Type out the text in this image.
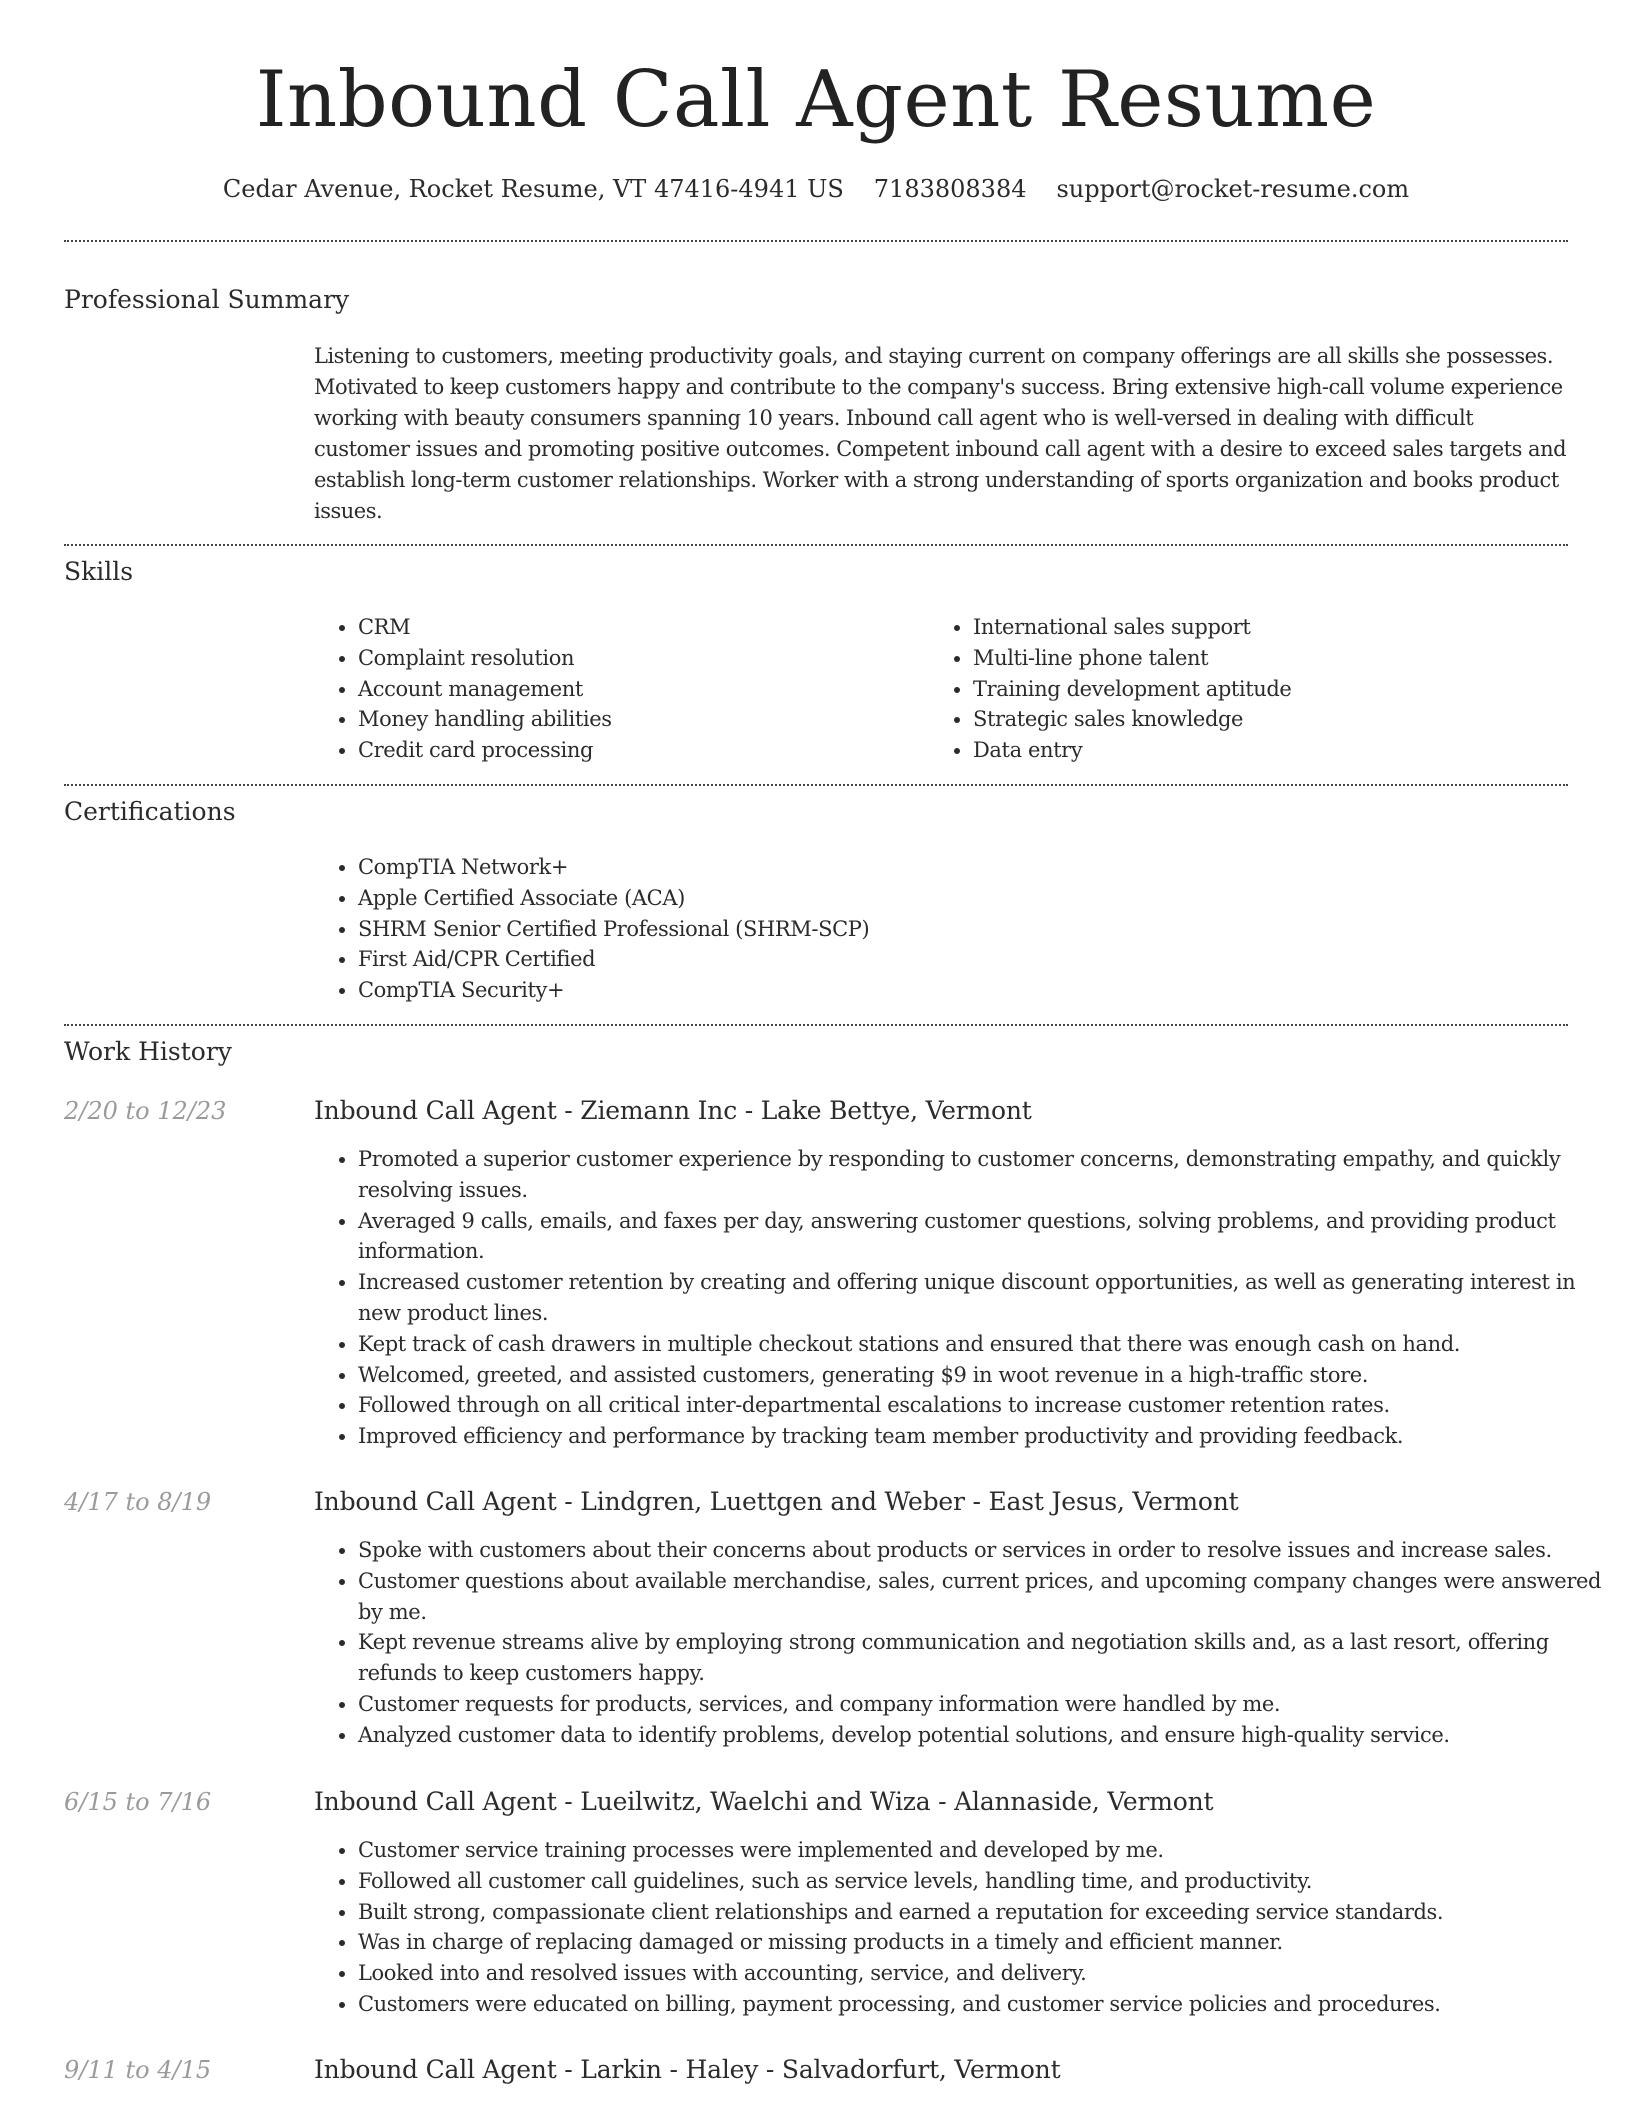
Inbound Call Agent Resume
Cedar Avenue, Rocket Resume, VT 47416-4941 US 7183808384 support@rocket-resume.com
Professional Summary

Listening to customers, meeting productivity goals, and staying current on company offerings are all skills she possesses. Motivated to keep customers happy and contribute to the company's success. Bring extensive high-call volume experience working with beauty consumers spanning 10 years. Inbound call agent who is well-versed in dealing with difficult customer issues and promoting positive outcomes. Competent inbound call agent with a desire to exceed sales targets and establish long-term customer relationships. Worker with a strong understanding of sports organization and books product issues.

Skills
• CRM
• Complaint resolution
• Account management
• Money handling abilities
• Credit card processing
• International sales support
• Multi-line phone talent
• Training development aptitude
• Strategic sales knowledge
• Data entry
Certifications
• CompTIA Network+
• Apple Certified Associate (ACA)
• SHRM Senior Certified Professional (SHRM-SCP)
• First Aid/CPR Certified
• CompTIA Security+
Work History
2/20 to 12/23	Inbound Call Agent - Ziemann Inc - Lake Bettye, Vermont
• Promoted a superior customer experience by responding to customer concerns, demonstrating empathy, and quickly resolving issues.
• Averaged 9 calls, emails, and faxes per day, answering customer questions, solving problems, and providing product information.
• Increased customer retention by creating and offering unique discount opportunities, as well as generating interest in new product lines.
• Kept track of cash drawers in multiple checkout stations and ensured that there was enough cash on hand.
• Welcomed, greeted, and assisted customers, generating $9 in woot revenue in a high-traffic store.
• Followed through on all critical inter-departmental escalations to increase customer retention rates.
• Improved efficiency and performance by tracking team member productivity and providing feedback.
4/17 to 8/19	Inbound Call Agent - Lindgren, Luettgen and Weber - East Jesus, Vermont
• Spoke with customers about their concerns about products or services in order to resolve issues and increase sales.
• Customer questions about available merchandise, sales, current prices, and upcoming company changes were answered by me.
• Kept revenue streams alive by employing strong communication and negotiation skills and, as a last resort, offering refunds to keep customers happy.
• Customer requests for products, services, and company information were handled by me.
• Analyzed customer data to identify problems, develop potential solutions, and ensure high-quality service.
6/15 to 7/16	Inbound Call Agent - Lueilwitz, Waelchi and Wiza - Alannaside, Vermont
• Customer service training processes were implemented and developed by me.
• Followed all customer call guidelines, such as service levels, handling time, and productivity.
• Built strong, compassionate client relationships and earned a reputation for exceeding service standards.
• Was in charge of replacing damaged or missing products in a timely and efficient manner.
• Looked into and resolved issues with accounting, service, and delivery.
• Customers were educated on billing, payment processing, and customer service policies and procedures.
9/11 to 4/15	Inbound Call Agent - Larkin - Haley - Salvadorfurt, Vermont
